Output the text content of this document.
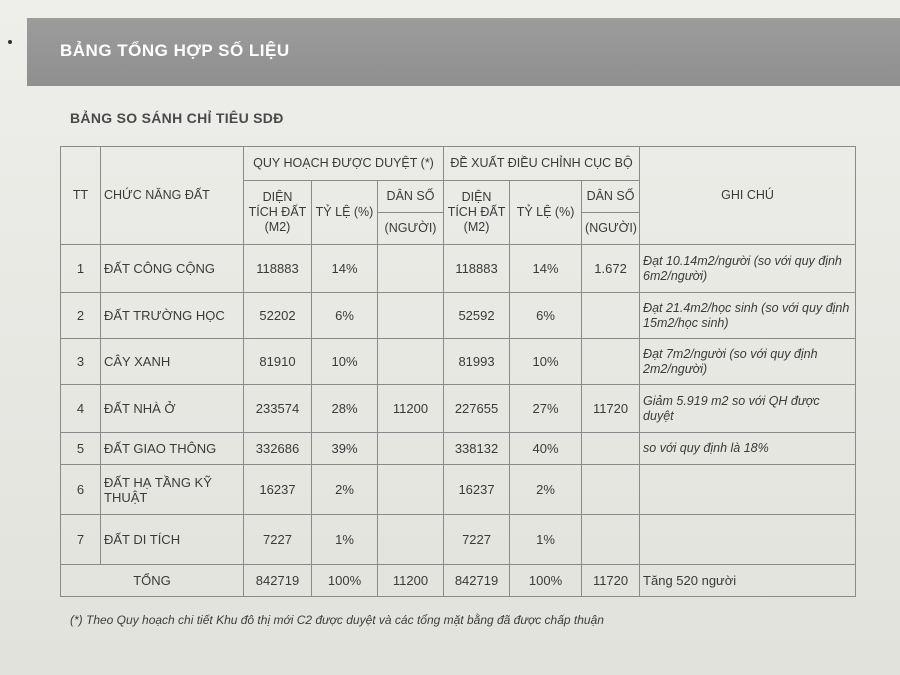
BẢNG TỔNG HỢP SỐ LIỆU
BẢNG SO SÁNH CHỈ TIÊU SDĐ
TT	CHỨC NĂNG ĐẤT	QUY HOẠCH ĐƯỢC DUYỆT (*)			ĐỀ XUẤT ĐIỀU CHỈNH CỤC BỘ			GHI CHÚ
		DIỆN TÍCH ĐẤT (M2)	TỶ LỆ (%)	DÂN SỐ	DIỆN TÍCH ĐẤT (M2)	TỶ LỆ (%)	DÂN SỐ	
				(NGƯỜI)			(NGƯỜI)	
1	ĐẤT CÔNG CỘNG	118883	14%		118883	14%	1.672	Đạt 10.14m2/người (so với quy định 6m2/người)
2	ĐẤT TRƯỜNG HỌC	52202	6%		52592	6%		Đạt 21.4m2/học sinh (so với quy định 15m2/học sinh)
3	CÂY XANH	81910	10%		81993	10%		Đạt 7m2/người (so với quy định 2m2/người)
4	ĐẤT NHÀ Ở	233574	28%	11200	227655	27%	11720	Giảm 5.919 m2 so với QH được duyệt
5	ĐẤT GIAO THÔNG	332686	39%		338132	40%		so với quy định là 18%
6	ĐẤT HẠ TẦNG KỸ THUẬT	16237	2%		16237	2%		
7	ĐẤT DI TÍCH	7227	1%		7227	1%		
TỔNG		842719	100%	11200	842719	100%	11720	Tăng 520 người
(*) Theo Quy hoạch chi tiết Khu đô thị mới C2 được duyệt và các tổng mặt bằng đã được chấp thuận
